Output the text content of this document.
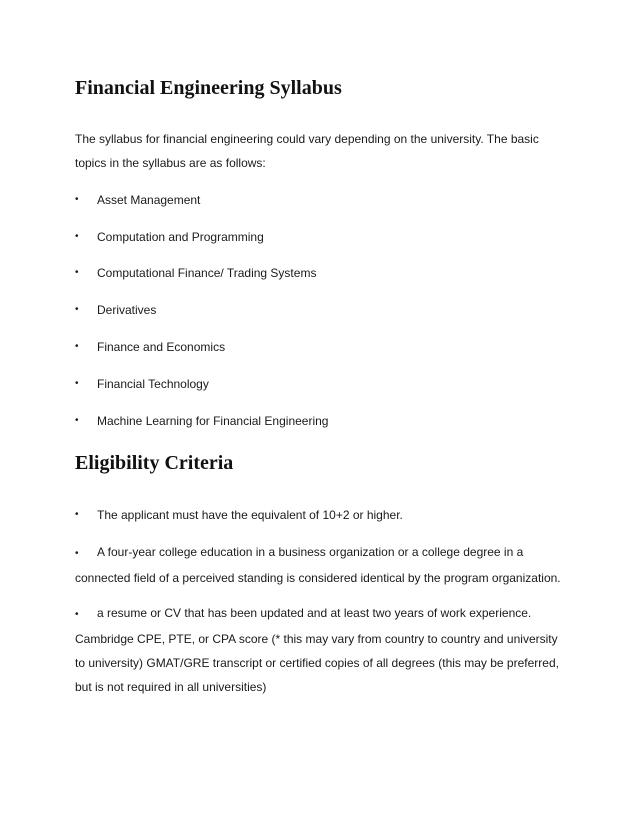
Financial Engineering Syllabus

The syllabus for financial engineering could vary depending on the university. The basic topics in the syllabus are as follows:

•	Asset Management
•	Computation and Programming
•	Computational Finance/ Trading Systems
•	Derivatives
•	Finance and Economics
•	Financial Technology
•	Machine Learning for Financial Engineering
Eligibility Criteria
•	The applicant must have the equivalent of 10+2 or higher.
• A four-year college education in a business organization or a college degree in a connected field of a perceived standing is considered identical by the program organization.
• a resume or CV that has been updated and at least two years of work experience. Cambridge CPE, PTE, or CPA score (* this may vary from country to country and university to university) GMAT/GRE transcript or certified copies of all degrees (this may be preferred, but is not required in all universities)
